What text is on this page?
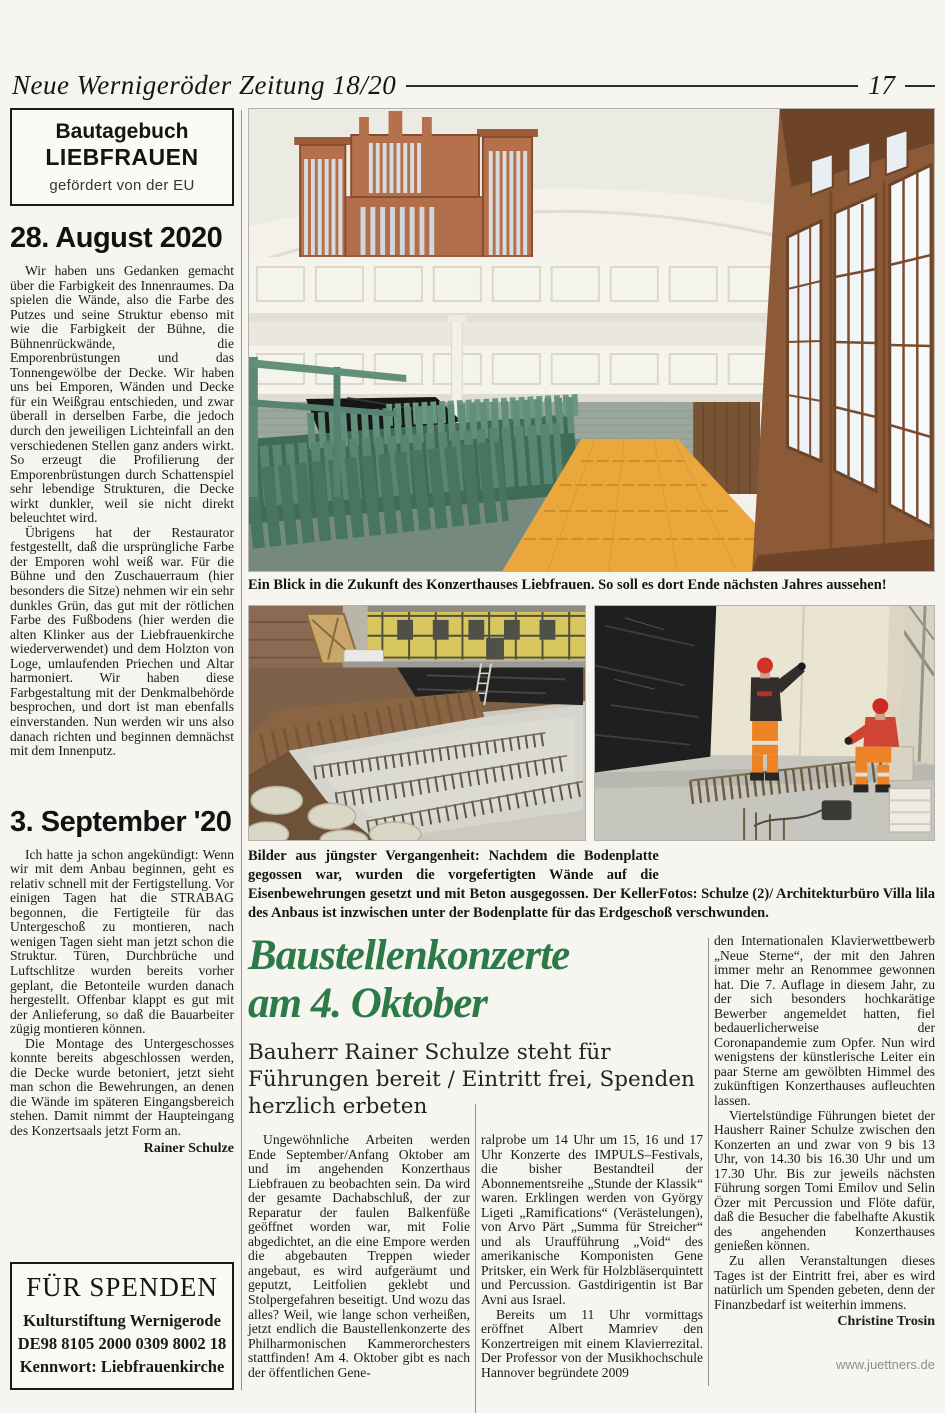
Neue Wernigeröder Zeitung 18/20	17
Bautagebuch
LIEBFRAUEN
gefördert von der EU
28. August 2020

Wir haben uns Gedanken gemacht über die Farbigkeit des Innenraumes. Da spielen die Wände, also die Farbe des Putzes und seine Struktur ebenso mit wie die Farbigkeit der Bühne, die Bühnenrückwände, die Emporenbrüstungen und das Tonnengewölbe der Decke. Wir haben uns bei Emporen, Wänden und Decke für ein Weißgrau entschieden, und zwar überall in derselben Farbe, die jedoch durch den jeweiligen Lichteinfall an den verschiedenen Stellen ganz anders wirkt. So erzeugt die Profilierung der Emporenbrüstungen durch Schattenspiel sehr lebendige Strukturen, die Decke wirkt dunkler, weil sie nicht direkt beleuchtet wird.

Übrigens hat der Restaurator festgestellt, daß die ursprüngliche Farbe der Emporen wohl weiß war. Für die Bühne und den Zuschauerraum (hier besonders die Sitze) nehmen wir ein sehr dunkles Grün, das gut mit der rötlichen Farbe des Fußbodens (hier werden die alten Klinker aus der Liebfrauenkirche wiederverwendet) und dem Holzton von Loge, umlaufenden Priechen und Altar harmoniert. Wir haben diese Farbgestaltung mit der Denkmalbehörde besprochen, und dort ist man ebenfalls einverstanden. Nun werden wir uns also danach richten und beginnen demnächst mit dem Innenputz.

3. September '20

Ich hatte ja schon angekündigt: Wenn wir mit dem Anbau beginnen, geht es relativ schnell mit der Fertigstellung. Vor einigen Tagen hat die STRABAG begonnen, die Fertigteile für das Untergeschoß zu montieren, nach wenigen Tagen sieht man jetzt schon die Struktur. Türen, Durchbrüche und Luftschlitze wurden bereits vorher geplant, die Betonteile wurden danach hergestellt. Offenbar klappt es gut mit der Anlieferung, so daß die Bauarbeiter zügig montieren können.

Die Montage des Untergeschosses konnte bereits abgeschlossen werden, die Decke wurde betoniert, jetzt sieht man schon die Bewehrungen, an denen die Wände im späteren Eingangsbereich stehen. Damit nimmt der Haupteingang des Konzertsaals jetzt Form an.

Rainer Schulze
FÜR SPENDEN
Kulturstiftung Wernigerode
DE98 8105 2000 0309 8002 18
Kennwort: Liebfrauenkirche
Ein Blick in die Zukunft des Konzerthauses Liebfrauen. So soll es dort Ende nächsten Jahres aussehen!
Fotos: Schulze (2)/ Architekturbüro Villa lila
Bilder aus jüngster Vergangenheit: Nachdem die Bodenplatte gegossen war, wurden die vorgefertigten Wände auf die Eisenbewehrungen gesetzt und mit Beton ausgegossen. Der Keller des Anbaus ist inzwischen unter der Bodenplatte für das Erdgeschoß verschwunden.
Baustellenkonzerte
am 4. Oktober
Bauherr Rainer Schulze steht für Führungen bereit / Eintritt frei, Spenden herzlich erbeten

Ungewöhnliche Arbeiten werden Ende September/Anfang Oktober am und im angehenden Konzerthaus Liebfrauen zu beobachten sein. Da wird der gesamte Dachabschluß, der zur Reparatur der faulen Balkenfüße geöffnet worden war, mit Folie abgedichtet, an die eine Empore werden die abgebauten Treppen wieder angebaut, es wird aufgeräumt und geputzt, Leitfolien geklebt und Stolpergefahren beseitigt. Und wozu das alles? Weil, wie lange schon verheißen, jetzt endlich die Baustellenkonzerte des Philharmonischen Kammerorchesters stattfinden! Am 4. Oktober gibt es nach der öffentlichen Gene-

ralprobe um 14 Uhr um 15, 16 und 17 Uhr Konzerte des IMPULS–Festivals, die bisher Bestandteil der Abonnementsreihe „Stunde der Klassik“ waren. Erklingen werden von György Ligeti „Ramifications“ (Verästelungen), von Arvo Pärt „Summa für Streicher“ und als Uraufführung „Void“ des amerikanische Komponisten Gene Pritsker, ein Werk für Holzbläserquintett und Percussion. Gastdirigentin ist Bar Avni aus Israel.

Bereits um 11 Uhr vormittags eröffnet Albert Mamriev den Konzertreigen mit einem Klavierrezital. Der Professor von der Musikhochschule Hannover begründete 2009

den Internationalen Klavierwettbewerb „Neue Sterne“, der mit den Jahren immer mehr an Renommee gewonnen hat. Die 7. Auflage in diesem Jahr, zu der sich besonders hochkarätige Bewerber angemeldet hatten, fiel bedauerlicherweise der Coronapandemie zum Opfer. Nun wird wenigstens der künstlerische Leiter ein paar Sterne am gewölbten Himmel des zukünftigen Konzerthauses aufleuchten lassen.

Viertelstündige Führungen bietet der Hausherr Rainer Schulze zwischen den Konzerten an und zwar von 9 bis 13 Uhr, von 14.30 bis 16.30 Uhr und um 17.30 Uhr. Bis zur jeweils nächsten Führung sorgen Tomi Emilov und Selin Özer mit Percussion und Flöte dafür, daß die Besucher die fabelhafte Akustik des angehenden Konzerthauses genießen können.

Zu allen Veranstaltungen dieses Tages ist der Eintritt frei, aber es wird natürlich um Spenden gebeten, denn der Finanzbedarf ist weiterhin immens.

Christine Trosin
www.juettners.de
